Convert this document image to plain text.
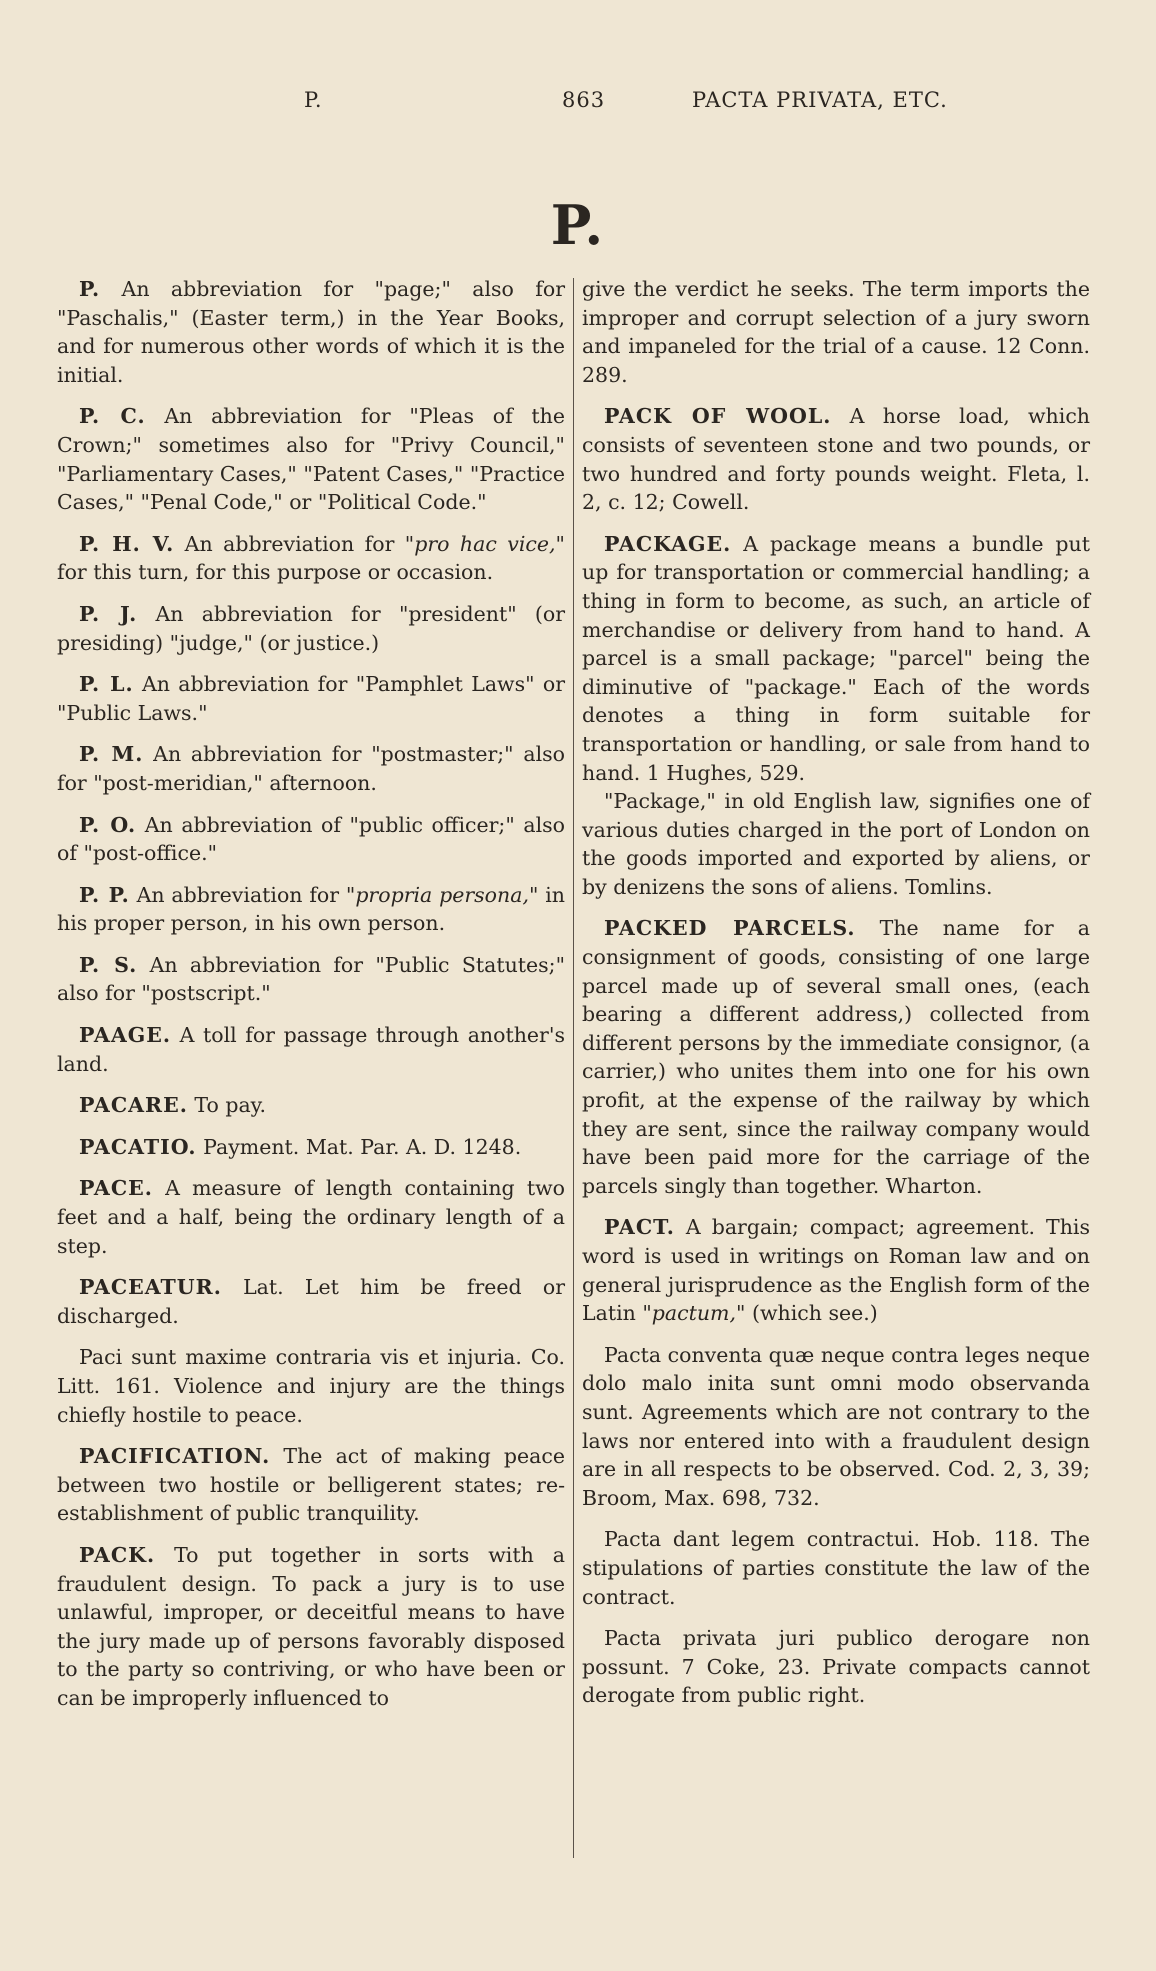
P.	863	PACTA PRIVATA, ETC.
P.

P. An abbreviation for "page;" also for "Paschalis," (Easter term,) in the Year Books, and for numerous other words of which it is the initial.

P. C. An abbreviation for "Pleas of the Crown;" sometimes also for "Privy Council," "Parliamentary Cases," "Patent Cases," "Practice Cases," "Penal Code," or "Political Code."

P. H. V. An abbreviation for "pro hac vice," for this turn, for this purpose or occasion.

P. J. An abbreviation for "president" (or presiding) "judge," (or justice.)

P. L. An abbreviation for "Pamphlet Laws" or "Public Laws."

P. M. An abbreviation for "postmaster;" also for "post-meridian," afternoon.

P. O. An abbreviation of "public officer;" also of "post-office."

P. P. An abbreviation for "propria persona," in his proper person, in his own person.

P. S. An abbreviation for "Public Statutes;" also for "postscript."

PAAGE. A toll for passage through another's land.

PACARE. To pay.

PACATIO. Payment. Mat. Par. A. D. 1248.

PACE. A measure of length containing two feet and a half, being the ordinary length of a step.

PACEATUR. Lat. Let him be freed or discharged.

Paci sunt maxime contraria vis et injuria. Co. Litt. 161. Violence and injury are the things chiefly hostile to peace.

PACIFICATION. The act of making peace between two hostile or belligerent states; re-establishment of public tranquility.

PACK. To put together in sorts with a fraudulent design. To pack a jury is to use unlawful, improper, or deceitful means to have the jury made up of persons favorably disposed to the party so contriving, or who have been or can be improperly influenced to

give the verdict he seeks. The term imports the improper and corrupt selection of a jury sworn and impaneled for the trial of a cause. 12 Conn. 289.

PACK OF WOOL. A horse load, which consists of seventeen stone and two pounds, or two hundred and forty pounds weight. Fleta, l. 2, c. 12; Cowell.

PACKAGE. A package means a bundle put up for transportation or commercial handling; a thing in form to become, as such, an article of merchandise or delivery from hand to hand. A parcel is a small package; "parcel" being the diminutive of "package." Each of the words denotes a thing in form suitable for transportation or handling, or sale from hand to hand. 1 Hughes, 529.

"Package," in old English law, signifies one of various duties charged in the port of London on the goods imported and exported by aliens, or by denizens the sons of aliens. Tomlins.

PACKED PARCELS. The name for a consignment of goods, consisting of one large parcel made up of several small ones, (each bearing a different address,) collected from different persons by the immediate consignor, (a carrier,) who unites them into one for his own profit, at the expense of the railway by which they are sent, since the railway company would have been paid more for the carriage of the parcels singly than together. Wharton.

PACT. A bargain; compact; agreement. This word is used in writings on Roman law and on general jurisprudence as the English form of the Latin "pactum," (which see.)

Pacta conventa quæ neque contra leges neque dolo malo inita sunt omni modo observanda sunt. Agreements which are not contrary to the laws nor entered into with a fraudulent design are in all respects to be observed. Cod. 2, 3, 39; Broom, Max. 698, 732.

Pacta dant legem contractui. Hob. 118. The stipulations of parties constitute the law of the contract.

Pacta privata juri publico derogare non possunt. 7 Coke, 23. Private compacts cannot derogate from public right.
